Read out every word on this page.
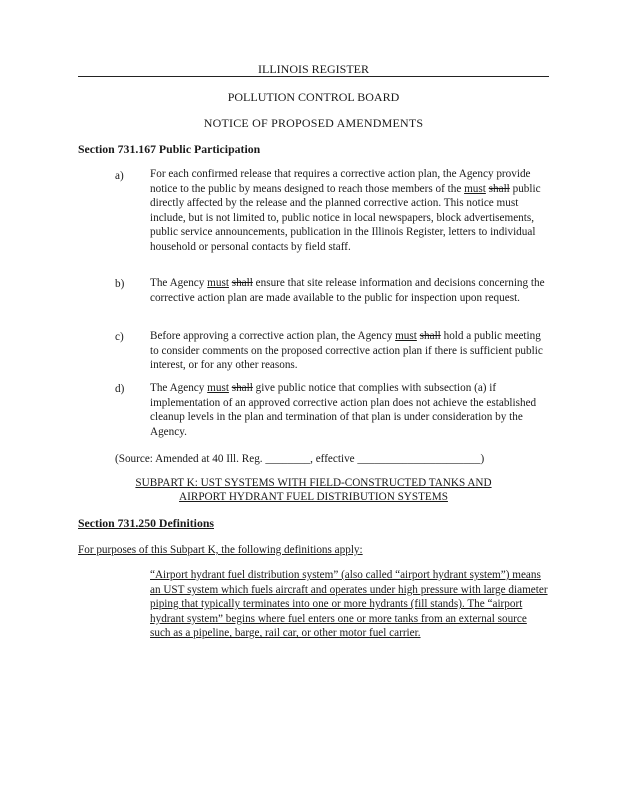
ILLINOIS REGISTER
POLLUTION CONTROL BOARD
NOTICE OF PROPOSED AMENDMENTS
Section 731.167 Public Participation
a) For each confirmed release that requires a corrective action plan, the Agency provide notice to the public by means designed to reach those members of the must shall public directly affected by the release and the planned corrective action. This notice must include, but is not limited to, public notice in local newspapers, block advertisements, public service announcements, publication in the Illinois Register, letters to individual household or personal contacts by field staff.
b) The Agency must shall ensure that site release information and decisions concerning the corrective action plan are made available to the public for inspection upon request.
c) Before approving a corrective action plan, the Agency must shall hold a public meeting to consider comments on the proposed corrective action plan if there is sufficient public interest, or for any other reasons.
d) The Agency must shall give public notice that complies with subsection (a) if implementation of an approved corrective action plan does not achieve the established cleanup levels in the plan and termination of that plan is under consideration by the Agency.
(Source: Amended at 40 Ill. Reg. ________, effective ______________________)
SUBPART K: UST SYSTEMS WITH FIELD-CONSTRUCTED TANKS AND
AIRPORT HYDRANT FUEL DISTRIBUTION SYSTEMS
Section 731.250 Definitions
For purposes of this Subpart K, the following definitions apply:
“Airport hydrant fuel distribution system” (also called “airport hydrant system”) means an UST system which fuels aircraft and operates under high pressure with large diameter piping that typically terminates into one or more hydrants (fill stands). The “airport hydrant system” begins where fuel enters one or more tanks from an external source such as a pipeline, barge, rail car, or other motor fuel carrier.
